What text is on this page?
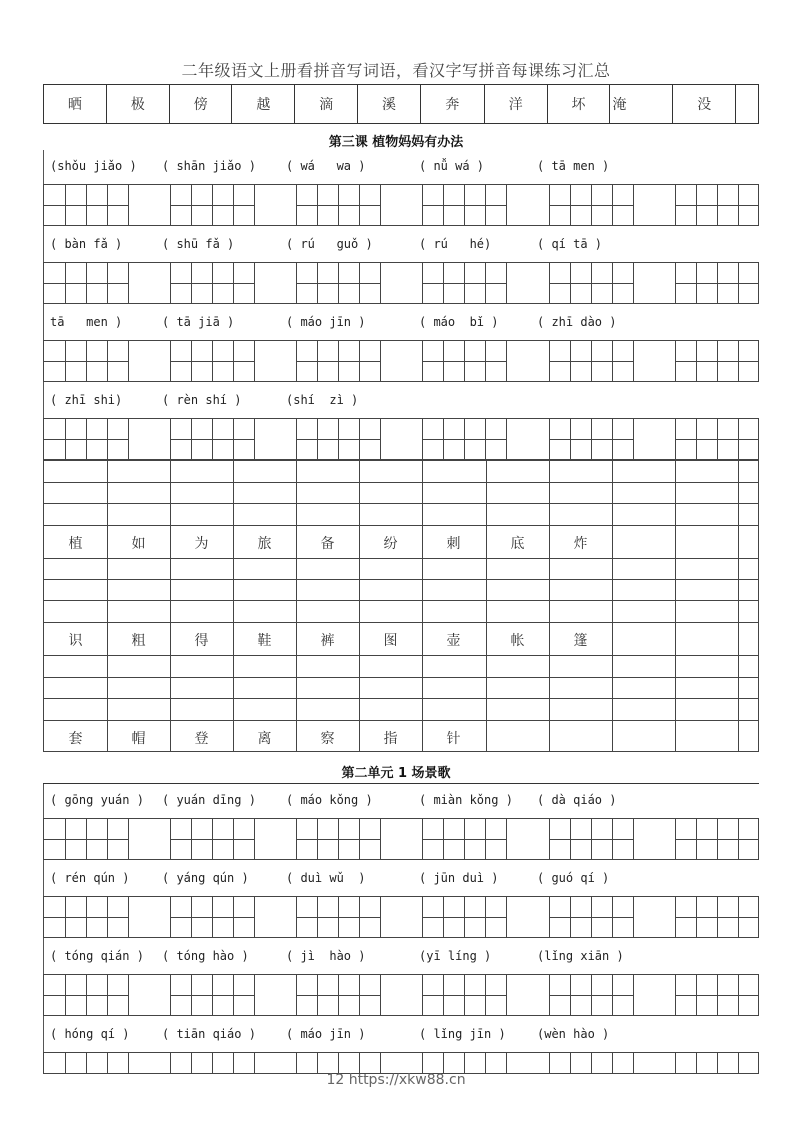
二年级语文上册看拼音写词语，看汉字写拼音每课练习汇总
晒	极	傍	越	滴	溪	奔	洋	坏	淹	没
第三课 植物妈妈有办法
(shǒu jiǎo ) ( shān jiǎo )	( wá   wa )	( nǚ wá )	( tā men )
( bàn fǎ )	( shū fǎ )	( rú   guǒ )	( rú   hé)	( qí tā )
tā   men )	( tā jiā )	( máo jīn )	( máo  bǐ )	( zhī dào )
( zhī shi)	( rèn shí )	(shí  zì )
植	如	为	旅	备	纷	刺	底	炸
识	粗	得	鞋	裤	图	壶	帐	篷
套	帽	登	离	察	指	针
第二单元 1 场景歌
( gōng yuán ) ( yuán dīng )	( máo kǒng )	( miàn kǒng ) ( dà qiáo )
( rén qún )	( yáng qún )	( duì wǔ  )	( jūn duì )	( guó qí )
( tóng qián ) ( tóng hào )	( jì  hào )	(yī líng )	(lǐng xiān )
( hóng qí )	( tiān qiáo )	( máo jīn )	( lǐng jīn )	(wèn hào )
12 https://xkw88.cn
